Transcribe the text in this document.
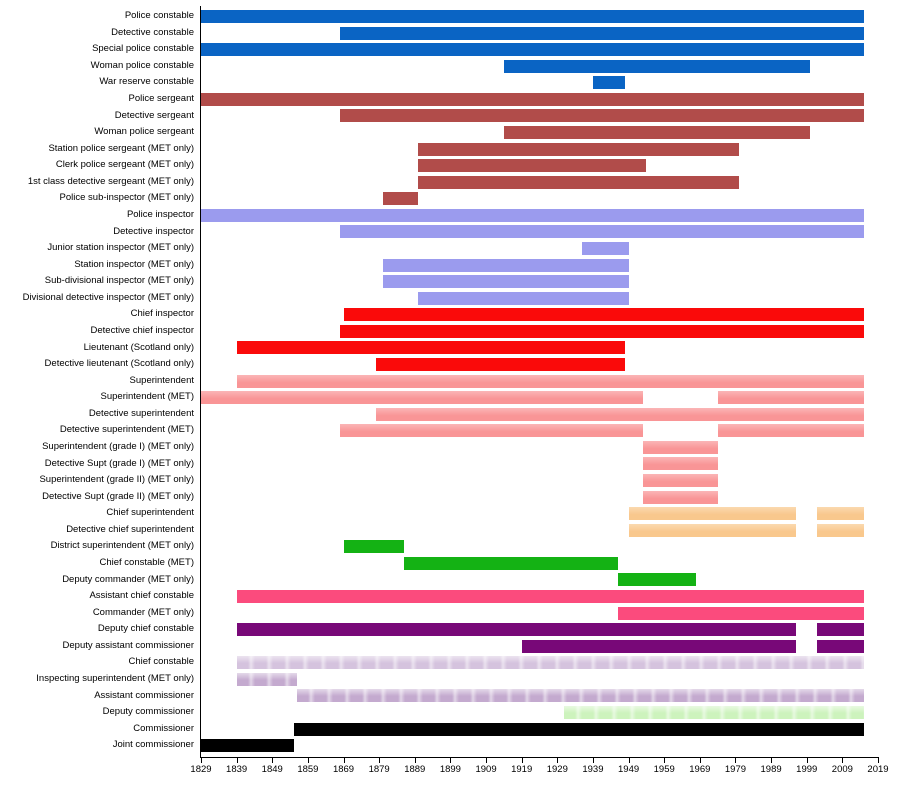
Police constable
Detective constable
Special police constable
Woman police constable
War reserve constable
Police sergeant
Detective sergeant
Woman police sergeant
Station police sergeant (MET only)
Clerk police sergeant (MET only)
1st class detective sergeant (MET only)
Police sub-inspector (MET only)
Police inspector
Detective inspector
Junior station inspector (MET only)
Station inspector (MET only)
Sub-divisional inspector (MET only)
Divisional detective inspector (MET only)
Chief inspector
Detective chief inspector
Lieutenant (Scotland only)
Detective lieutenant (Scotland only)
Superintendent
Superintendent (MET)
Detective superintendent
Detective superintendent (MET)
Superintendent (grade I) (MET only)
Detective Supt (grade I) (MET only)
Superintendent (grade II) (MET only)
Detective Supt (grade II) (MET only)
Chief superintendent
Detective chief superintendent
District superintendent (MET only)
Chief constable (MET)
Deputy commander (MET only)
Assistant chief constable
Commander (MET only)
Deputy chief constable
Deputy assistant commissioner
Chief constable
Inspecting superintendent (MET only)
Assistant commissioner
Deputy commissioner
Commissioner
Joint commissioner
1829 1839 1849 1859 1869 1879 1889 1899 1909 1919 1929 1939 1949 1959 1969 1979 1989 1999 2009 2019
